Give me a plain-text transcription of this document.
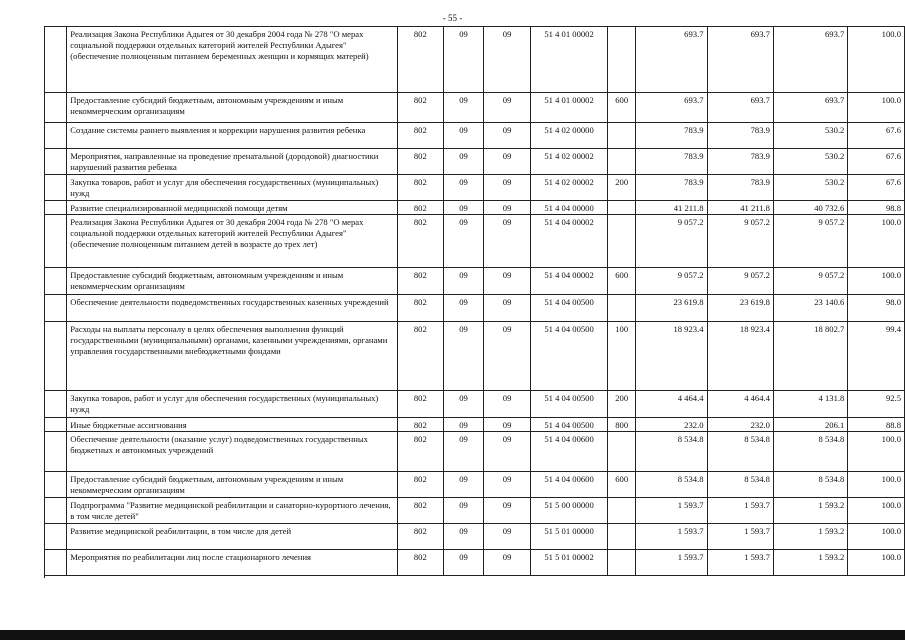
- 55 -
	Реализация Закона Республики Адыгея от 30 декабря 2004 года № 278 "О мерах социальной поддержки отдельных категорий жителей Республики Адыгея" (обеспечение полноценным питанием беременных женщин и кормящих матерей)	802	09	09	51 4 01 00002		693.7	693.7	693.7	100.0
	Предоставление субсидий бюджетным, автономным учреждениям и иным некоммерческим организациям	802	09	09	51 4 01 00002	600	693.7	693.7	693.7	100.0
	Создание системы раннего выявления и коррекции нарушения развития ребенка	802	09	09	51 4 02 00000		783.9	783.9	530.2	67.6
	Мероприятия, направленные на проведение пренатальной (дородовой) диагностики нарушений развития ребенка	802	09	09	51 4 02 00002		783.9	783.9	530.2	67.6
	Закупка товаров, работ и услуг для обеспечения государственных (муниципальных) нужд	802	09	09	51 4 02 00002	200	783.9	783.9	530.2	67.6
	Развитие специализированной медицинской помощи детям	802	09	09	51 4 04 00000		41 211.8	41 211.8	40 732.6	98.8
	Реализация Закона Республики Адыгея от 30 декабря 2004 года № 278 "О мерах социальной поддержки отдельных категорий жителей Республики Адыгея" (обеспечение полноценным питанием детей в возрасте до трех лет)	802	09	09	51 4 04 00002		9 057.2	9 057.2	9 057.2	100.0
	Предоставление субсидий бюджетным, автономным учреждениям и иным некоммерческим организациям	802	09	09	51 4 04 00002	600	9 057.2	9 057.2	9 057.2	100.0
	Обеспечение деятельности подведомственных государственных казенных учреждений	802	09	09	51 4 04 00500		23 619.8	23 619.8	23 140.6	98.0
	Расходы на выплаты персоналу в целях обеспечения выполнения функций государственными (муниципальными) органами, казенными учреждениями, органами управления государственными внебюджетными фондами	802	09	09	51 4 04 00500	100	18 923.4	18 923.4	18 802.7	99.4
	Закупка товаров, работ и услуг для обеспечения государственных (муниципальных) нужд	802	09	09	51 4 04 00500	200	4 464.4	4 464.4	4 131.8	92.5
	Иные бюджетные ассигнования	802	09	09	51 4 04 00500	800	232.0	232.0	206.1	88.8
	Обеспечение деятельности (оказание услуг) подведомственных государственных бюджетных и автономных учреждений	802	09	09	51 4 04 00600		8 534.8	8 534.8	8 534.8	100.0
	Предоставление субсидий бюджетным, автономным учреждениям и иным некоммерческим организациям	802	09	09	51 4 04 00600	600	8 534.8	8 534.8	8 534.8	100.0
	Подпрограмма "Развитие медицинской реабилитации и санаторно-курортного лечения, в том числе детей"	802	09	09	51 5 00 00000		1 593.7	1 593.7	1 593.2	100.0
	Развитие медицинской реабилитации, в том числе для детей	802	09	09	51 5 01 00000		1 593.7	1 593.7	1 593.2	100.0
	Мероприятия по реабилитации лиц после стационарного лечения	802	09	09	51 5 01 00002		1 593.7	1 593.7	1 593.2	100.0
